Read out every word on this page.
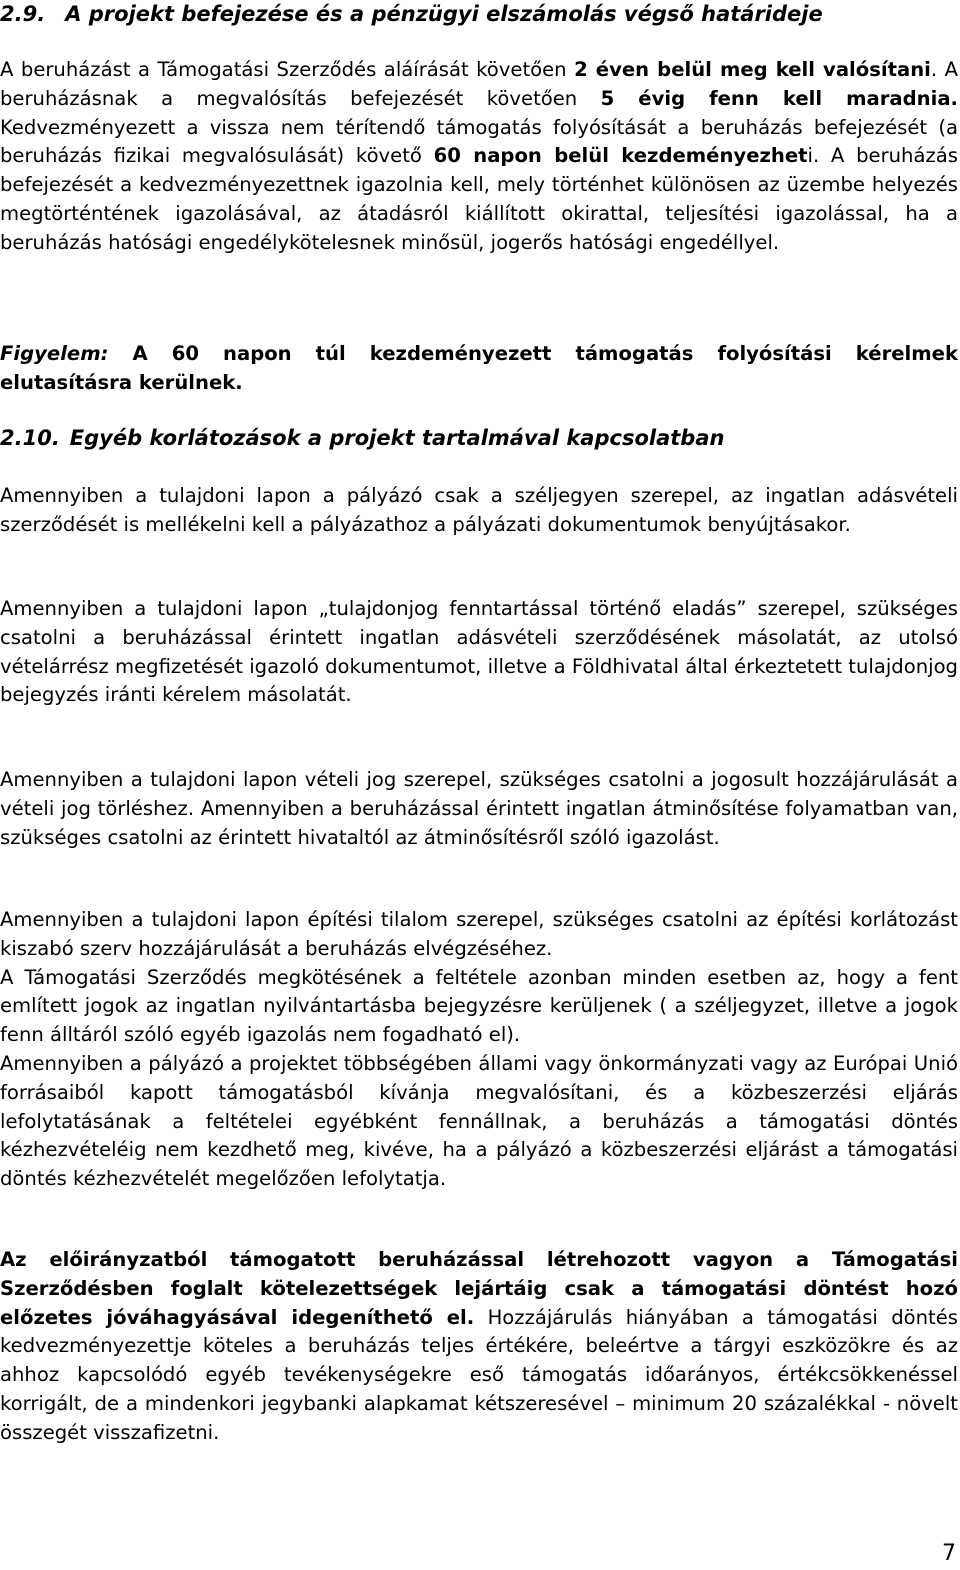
2.9. A projekt befejezése és a pénzügyi elszámolás végső határideje

A beruházást a Támogatási Szerződés aláírását követően 2 éven belül meg kell valósítani. A beruházásnak a megvalósítás befejezését követően 5 évig fenn kell maradnia. Kedvezményezett a vissza nem térítendő támogatás folyósítását a beruházás befejezését (a beruházás fizikai megvalósulását) követő 60 napon belül kezdeményezheti. A beruházás befejezését a kedvezményezettnek igazolnia kell, mely történhet különösen az üzembe helyezés megtörténtének igazolásával, az átadásról kiállított okirattal, teljesítési igazolással, ha a beruházás hatósági engedélykötelesnek minősül, jogerős hatósági engedéllyel.

Figyelem: A 60 napon túl kezdeményezett támogatás folyósítási kérelmek elutasításra kerülnek.

2.10. Egyéb korlátozások a projekt tartalmával kapcsolatban

Amennyiben a tulajdoni lapon a pályázó csak a széljegyen szerepel, az ingatlan adásvételi szerződését is mellékelni kell a pályázathoz a pályázati dokumentumok benyújtásakor.

Amennyiben a tulajdoni lapon „tulajdonjog fenntartással történő eladás” szerepel, szükséges csatolni a beruházással érintett ingatlan adásvételi szerződésének másolatát, az utolsó vételárrész megfizetését igazoló dokumentumot, illetve a Földhivatal által érkeztetett tulajdonjog bejegyzés iránti kérelem másolatát.

Amennyiben a tulajdoni lapon vételi jog szerepel, szükséges csatolni a jogosult hozzájárulását a vételi jog törléshez. Amennyiben a beruházással érintett ingatlan átminősítése folyamatban van, szükséges csatolni az érintett hivataltól az átminősítésről szóló igazolást.

Amennyiben a tulajdoni lapon építési tilalom szerepel, szükséges csatolni az építési korlátozást kiszabó szerv hozzájárulását a beruházás elvégzéséhez.
A Támogatási Szerződés megkötésének a feltétele azonban minden esetben az, hogy a fent említett jogok az ingatlan nyilvántartásba bejegyzésre kerüljenek ( a széljegyzet, illetve a jogok fenn álltáról szóló egyéb igazolás nem fogadható el).
Amennyiben a pályázó a projektet többségében állami vagy önkormányzati vagy az Európai Unió forrásaiból kapott támogatásból kívánja megvalósítani, és a közbeszerzési eljárás lefolytatásának a feltételei egyébként fennállnak, a beruházás a támogatási döntés kézhezvételéig nem kezdhető meg, kivéve, ha a pályázó a közbeszerzési eljárást a támogatási döntés kézhezvételét megelőzően lefolytatja.

Az előirányzatból támogatott beruházással létrehozott vagyon a Támogatási Szerződésben foglalt kötelezettségek lejártáig csak a támogatási döntést hozó előzetes jóváhagyásával idegeníthető el. Hozzájárulás hiányában a támogatási döntés kedvezményezettje köteles a beruházás teljes értékére, beleértve a tárgyi eszközökre és az ahhoz kapcsolódó egyéb tevékenységekre eső támogatás időarányos, értékcsökkenéssel korrigált, de a mindenkori jegybanki alapkamat kétszeresével – minimum 20 százalékkal - növelt összegét visszafizetni.

7
